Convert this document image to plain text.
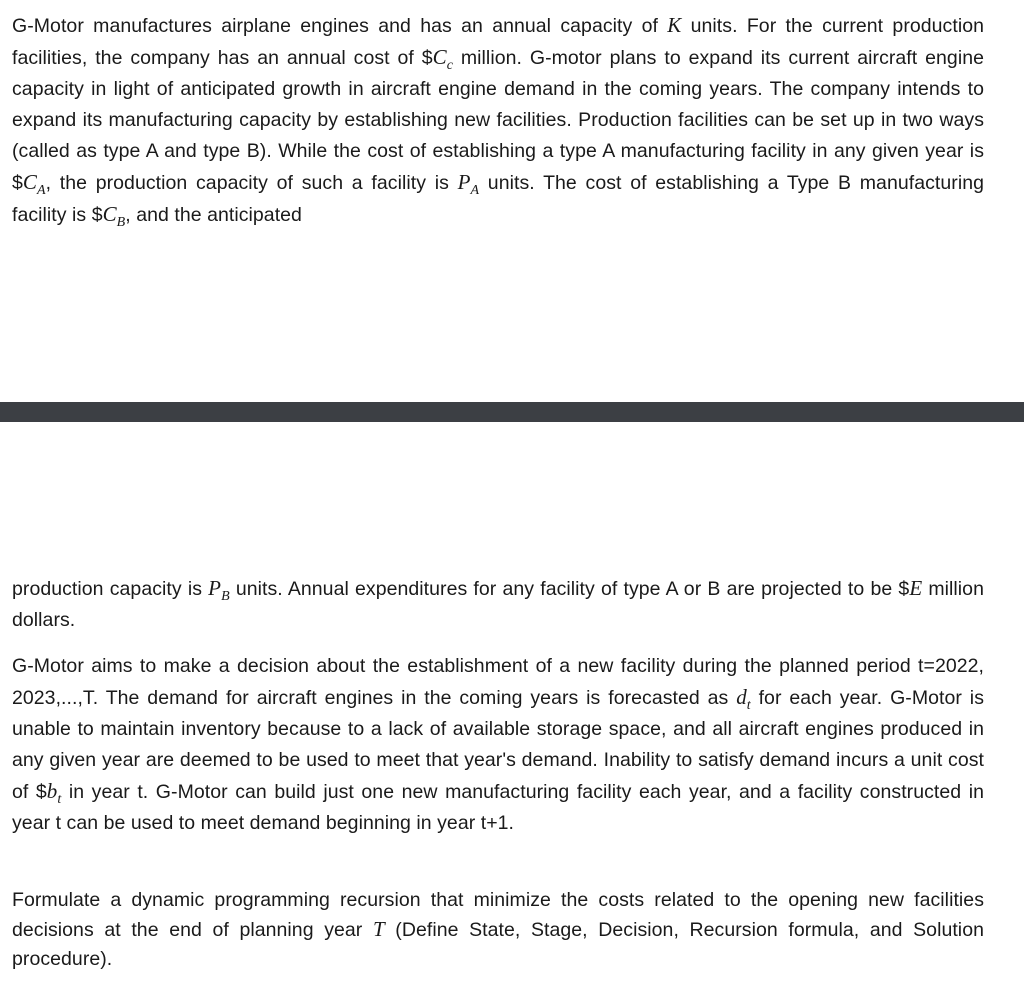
G-Motor manufactures airplane engines and has an annual capacity of K units. For the current production facilities, the company has an annual cost of $\$C_c$ million. G-motor plans to expand its current aircraft engine capacity in light of anticipated growth in aircraft engine demand in the coming years. The company intends to expand its manufacturing capacity by establishing new facilities. Production facilities can be set up in two ways (called as type A and type B). While the cost of establishing a type A manufacturing facility in any given year is $\$C_A$, the production capacity of such a facility is $P_A$ units. The cost of establishing a Type B manufacturing facility is $\$C_B$, and the anticipated

production capacity is $P_B$ units. Annual expenditures for any facility of type A or B are projected to be $E million dollars.

G-Motor aims to make a decision about the establishment of a new facility during the planned period t=2022, 2023,...,T. The demand for aircraft engines in the coming years is forecasted as $d_t$ for each year. G-Motor is unable to maintain inventory because to a lack of available storage space, and all aircraft engines produced in any given year are deemed to be used to meet that year's demand. Inability to satisfy demand incurs a unit cost of $\$b_t$ in year t. G-Motor can build just one new manufacturing facility each year, and a facility constructed in year t can be used to meet demand beginning in year t+1.

Formulate a dynamic programming recursion that minimize the costs related to the opening new facilities decisions at the end of planning year T (Define State, Stage, Decision, Recursion formula, and Solution procedure).
